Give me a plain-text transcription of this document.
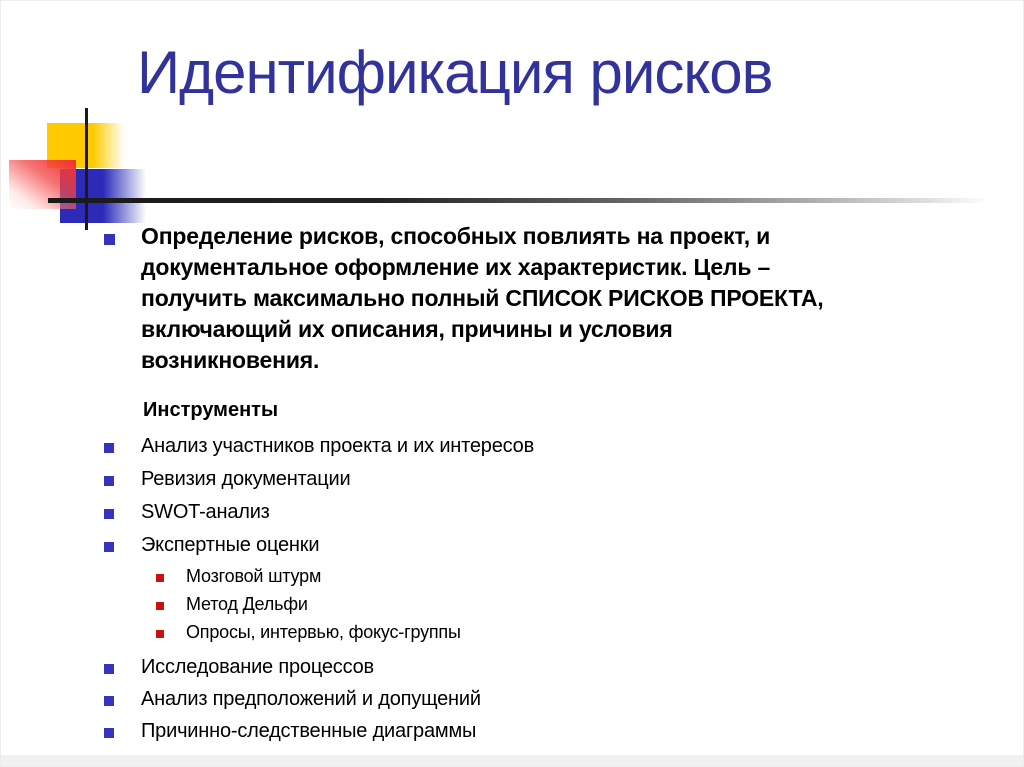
Идентификация рисков
Определение рисков, способных повлиять на проект, и
документальное оформление их характеристик. Цель –
получить максимально полный СПИСОК РИСКОВ ПРОЕКТА,
включающий их описания, причины и условия
возникновения.
Инструменты
Анализ участников проекта и их интересов
Ревизия документации
SWOT-анализ
Экспертные оценки
Мозговой штурм
Метод Дельфи
Опросы, интервью, фокус-группы
Исследование процессов
Анализ предположений и допущений
Причинно-следственные диаграммы
